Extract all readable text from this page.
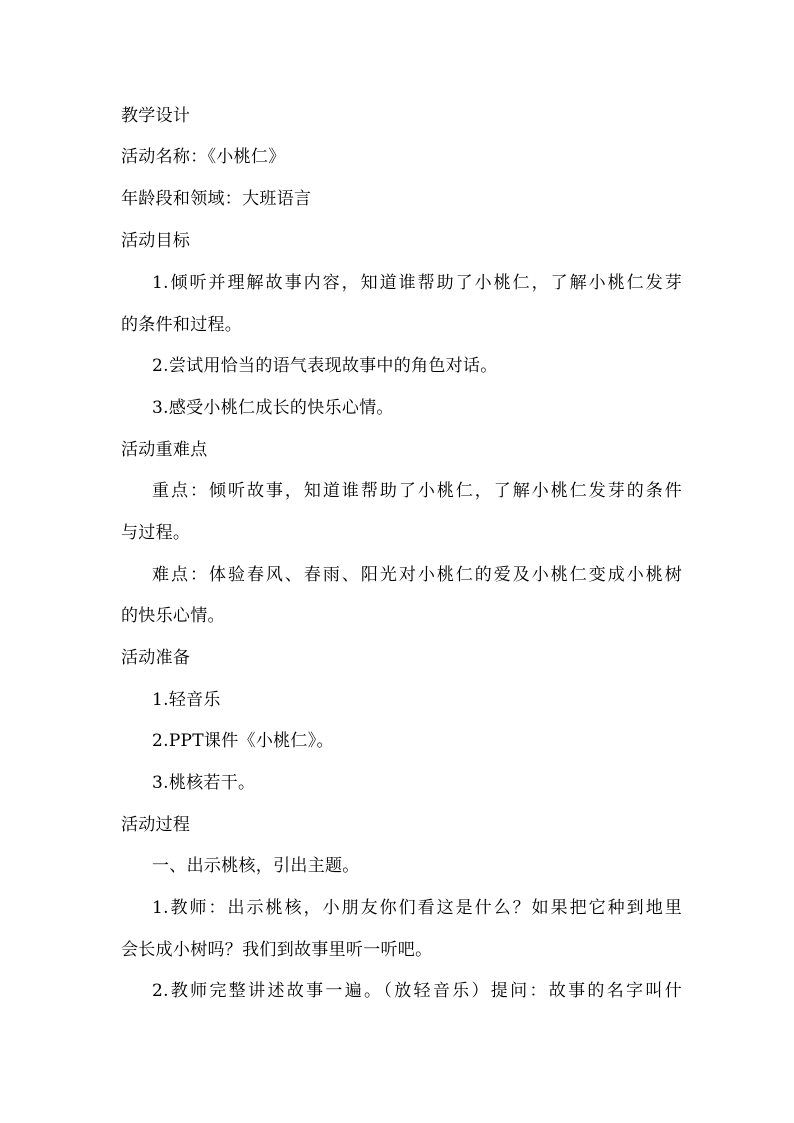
教学设计
活动名称：《小桃仁》
年龄段和领域：大班语言
活动目标
1.倾听并理解故事内容，知道谁帮助了小桃仁，了解小桃仁发芽
的条件和过程。
2.尝试用恰当的语气表现故事中的角色对话。
3.感受小桃仁成长的快乐心情。
活动重难点
重点：倾听故事，知道谁帮助了小桃仁，了解小桃仁发芽的条件
与过程。
难点：体验春风、春雨、阳光对小桃仁的爱及小桃仁变成小桃树
的快乐心情。
活动准备
1.轻音乐
2.PPT课件《小桃仁》。
3.桃核若干。
活动过程
一、出示桃核，引出主题。
1.教师：出示桃核，小朋友你们看这是什么？如果把它种到地里
会长成小树吗？我们到故事里听一听吧。
2.教师完整讲述故事一遍。（放轻音乐）提问：故事的名字叫什
